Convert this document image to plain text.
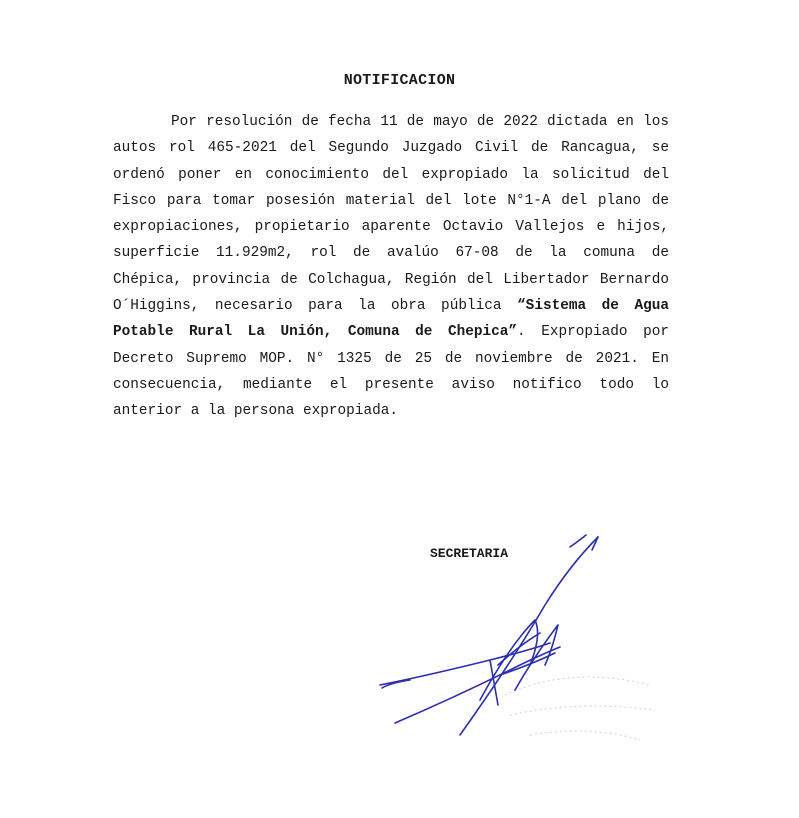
NOTIFICACION

Por resolución de fecha 11 de mayo de 2022 dictada en los autos rol 465-2021 del Segundo Juzgado Civil de Rancagua, se ordenó poner en conocimiento del expropiado la solicitud del Fisco para tomar posesión material del lote N°1-A del plano de expropiaciones, propietario aparente Octavio Vallejos e hijos, superficie 11.929m2, rol de avalúo 67-08 de la comuna de Chépica, provincia de Colchagua, Región del Libertador Bernardo O´Higgins, necesario para la obra pública “Sistema de Agua Potable Rural La Unión, Comuna de Chepica”. Expropiado por Decreto Supremo MOP. N° 1325 de 25 de noviembre de 2021. En consecuencia, mediante el presente aviso notifico todo lo anterior a la persona expropiada.

SECRETARIA
